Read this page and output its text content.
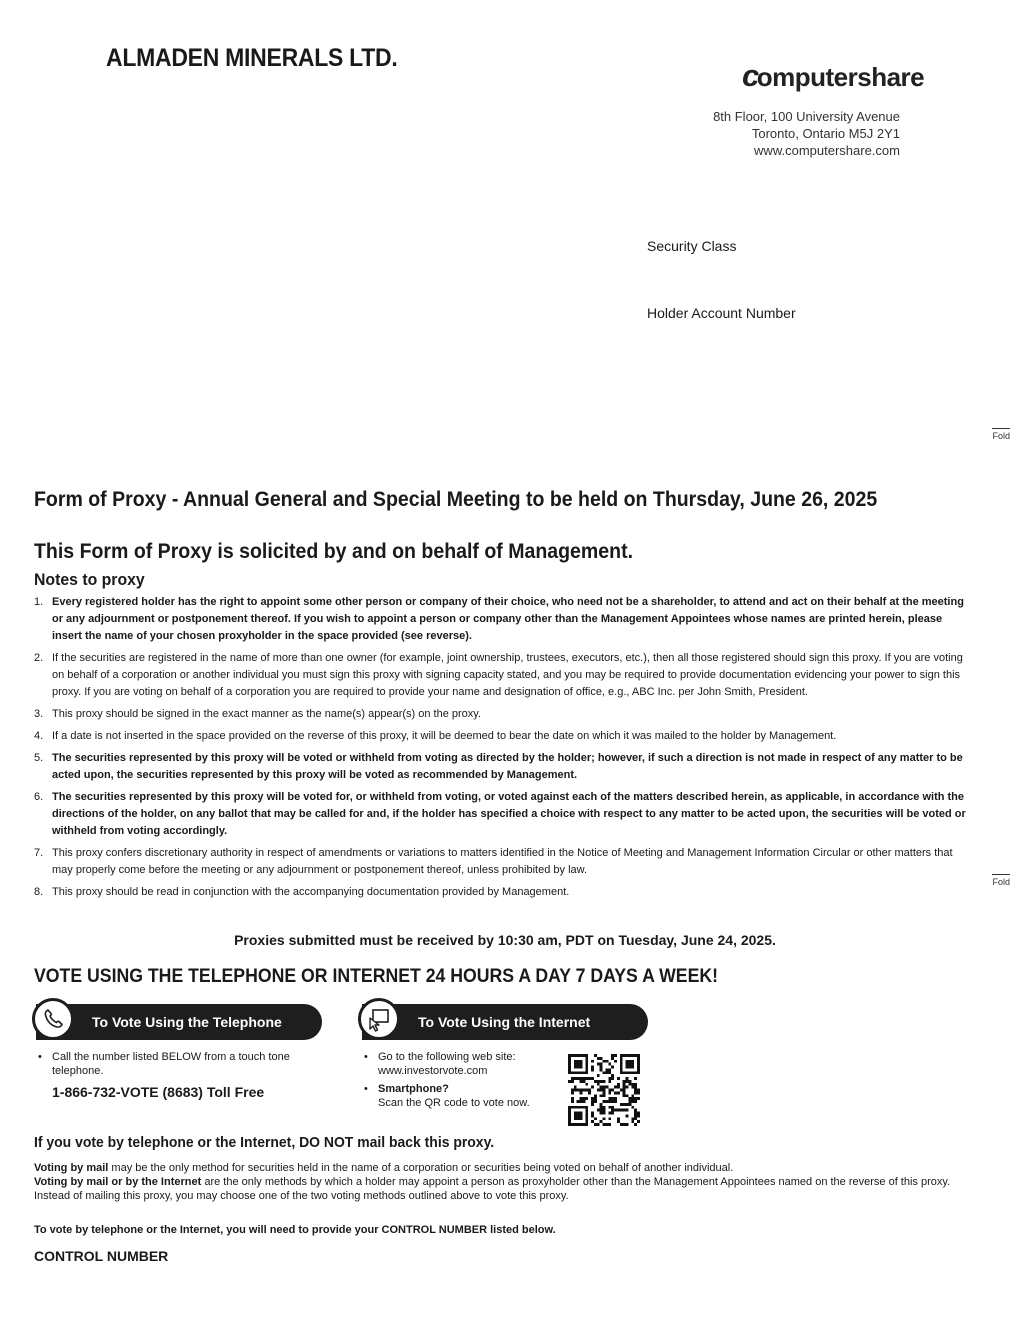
ALMADEN MINERALS LTD.	computershare
8th Floor, 100 University Avenue
Toronto, Ontario M5J 2Y1
www.computershare.com
Security Class
Holder Account Number
Fold
Fold
Form of Proxy - Annual General and Special Meeting to be held on Thursday, June 26, 2025
This Form of Proxy is solicited by and on behalf of Management.
Notes to proxy
1. Every registered holder has the right to appoint some other person or company of their choice, who need not be a shareholder, to attend and act on their behalf at the meeting or any adjournment or postponement thereof. If you wish to appoint a person or company other than the Management Appointees whose names are printed herein, please insert the name of your chosen proxyholder in the space provided (see reverse).
2. If the securities are registered in the name of more than one owner (for example, joint ownership, trustees, executors, etc.), then all those registered should sign this proxy. If you are voting on behalf of a corporation or another individual you must sign this proxy with signing capacity stated, and you may be required to provide documentation evidencing your power to sign this proxy. If you are voting on behalf of a corporation you are required to provide your name and designation of office, e.g., ABC Inc. per John Smith, President.
3. This proxy should be signed in the exact manner as the name(s) appear(s) on the proxy.
4. If a date is not inserted in the space provided on the reverse of this proxy, it will be deemed to bear the date on which it was mailed to the holder by Management.
5. The securities represented by this proxy will be voted or withheld from voting as directed by the holder; however, if such a direction is not made in respect of any matter to be acted upon, the securities represented by this proxy will be voted as recommended by Management.
6. The securities represented by this proxy will be voted for, or withheld from voting, or voted against each of the matters described herein, as applicable, in accordance with the directions of the holder, on any ballot that may be called for and, if the holder has specified a choice with respect to any matter to be acted upon, the securities will be voted or withheld from voting accordingly.
7. This proxy confers discretionary authority in respect of amendments or variations to matters identified in the Notice of Meeting and Management Information Circular or other matters that may properly come before the meeting or any adjournment or postponement thereof, unless prohibited by law.
8. This proxy should be read in conjunction with the accompanying documentation provided by Management.
Proxies submitted must be received by 10:30 am, PDT on Tuesday, June 24, 2025.
VOTE USING THE TELEPHONE OR INTERNET 24 HOURS A DAY 7 DAYS A WEEK!
To Vote Using the Telephone	To Vote Using the Internet
• Call the number listed BELOW from a touch tone telephone.
1-866-732-VOTE (8683) Toll Free
• Go to the following web site:
www.investorvote.com
• Smartphone?
Scan the QR code to vote now.
If you vote by telephone or the Internet, DO NOT mail back this proxy.
Voting by mail may be the only method for securities held in the name of a corporation or securities being voted on behalf of another individual.
Voting by mail or by the Internet are the only methods by which a holder may appoint a person as proxyholder other than the Management Appointees named on the reverse of this proxy. Instead of mailing this proxy, you may choose one of the two voting methods outlined above to vote this proxy.
To vote by telephone or the Internet, you will need to provide your CONTROL NUMBER listed below.
CONTROL NUMBER
